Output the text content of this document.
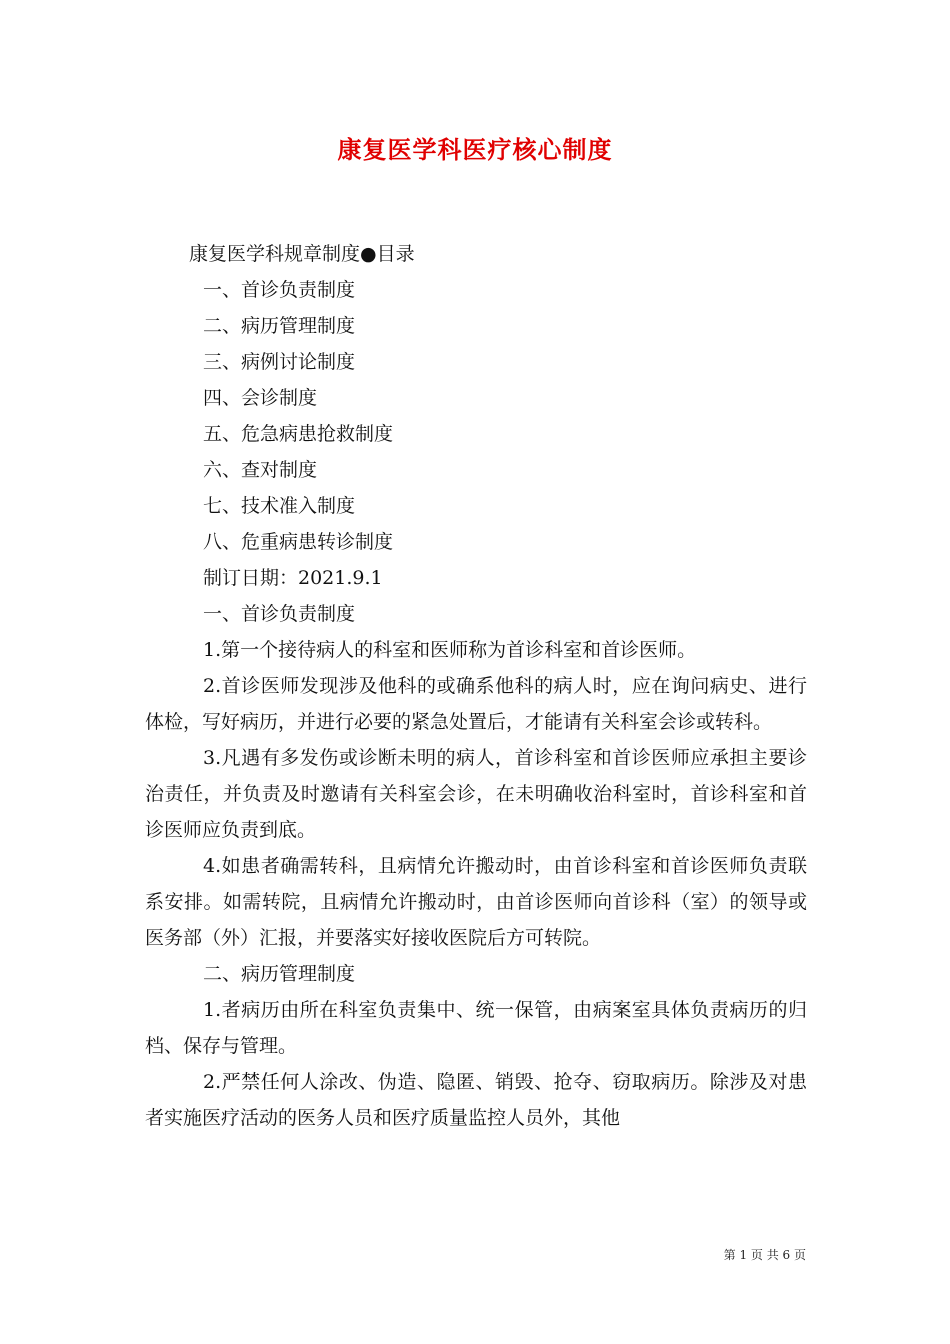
康复医学科医疗核心制度
康复医学科规章制度●目录
一、首诊负责制度
二、病历管理制度
三、病例讨论制度
四、会诊制度
五、危急病患抢救制度
六、查对制度
七、技术准入制度
八、危重病患转诊制度
制订日期：2021.9.1
一、首诊负责制度
1.第一个接待病人的科室和医师称为首诊科室和首诊医师。
2.首诊医师发现涉及他科的或确系他科的病人时，应在询问病史、进行体检，写好病历，并进行必要的紧急处置后，才能请有关科室会诊或转科。
3.凡遇有多发伤或诊断未明的病人，首诊科室和首诊医师应承担主要诊治责任，并负责及时邀请有关科室会诊，在未明确收治科室时，首诊科室和首诊医师应负责到底。
4.如患者确需转科，且病情允许搬动时，由首诊科室和首诊医师负责联系安排。如需转院，且病情允许搬动时，由首诊医师向首诊科（室）的领导或医务部（外）汇报，并要落实好接收医院后方可转院。
二、病历管理制度
1.者病历由所在科室负责集中、统一保管，由病案室具体负责病历的归档、保存与管理。
2.严禁任何人涂改、伪造、隐匿、销毁、抢夺、窃取病历。除涉及对患者实施医疗活动的医务人员和医疗质量监控人员外，其他
第 1 页 共 6 页
